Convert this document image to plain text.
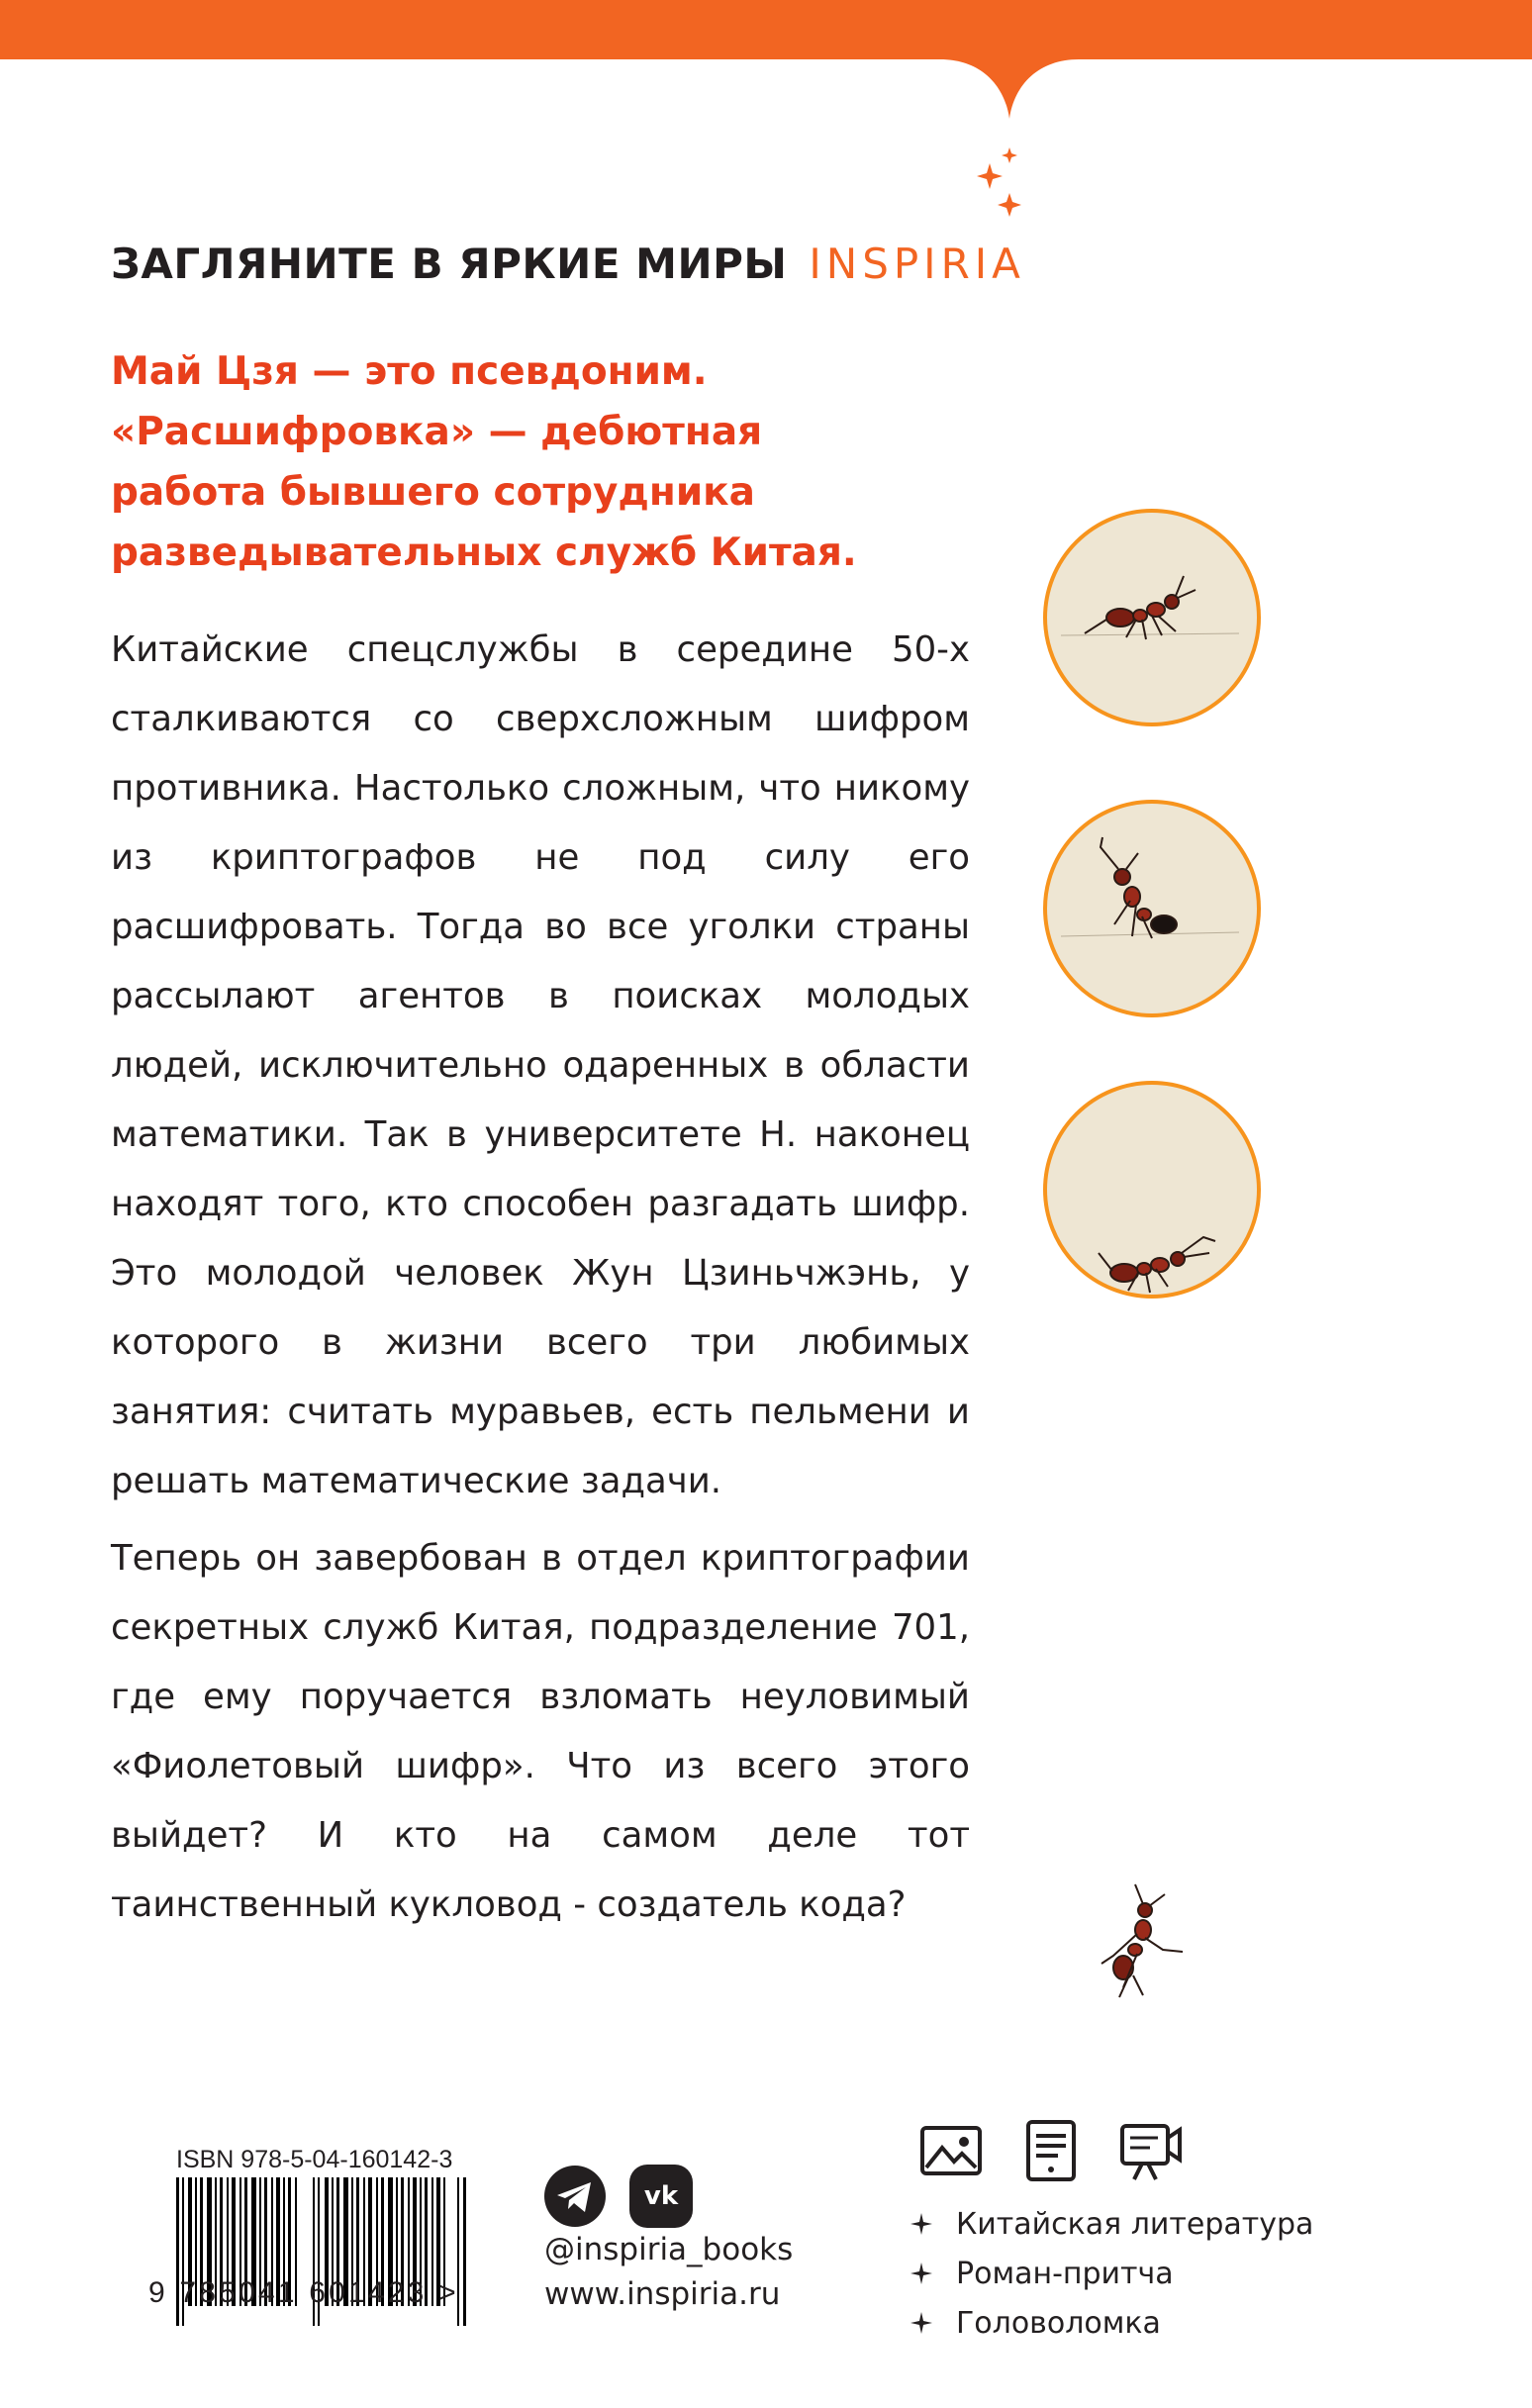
ЗАГЛЯНИТЕ В ЯРКИЕ МИРЫ INSPIRIA
Май Цзя — это псевдоним.
«Расшифровка» — дебютная
работа бывшего сотрудника
разведывательных служб Китая.
Китайские спецслужбы в середине 50-х сталкиваются со сверхсложным шифром противника. Настолько сложным, что никому из криптографов не под силу его расшифровать. Тогда во все уголки страны рассылают агентов в поисках молодых людей, исключительно одаренных в области математики. Так в университете Н. наконец находят того, кто способен разгадать шифр. Это молодой человек Жун Цзиньчжэнь, у которого в жизни всего три любимых занятия: считать муравьев, есть пельмени и решать математические задачи.
Теперь он завербован в отдел криптографии секретных служб Китая, подразделение 701, где ему поручается взломать неуловимый «Фиолетовый шифр». Что из всего этого выйдет? И кто на самом деле тот таинственный кукловод - создатель кода?
ISBN 978-5-04-160142-3
9 785041 601423 >
vk
@inspiria_books
www.inspiria.ru
Китайская литература
Роман-притча
Головоломка
